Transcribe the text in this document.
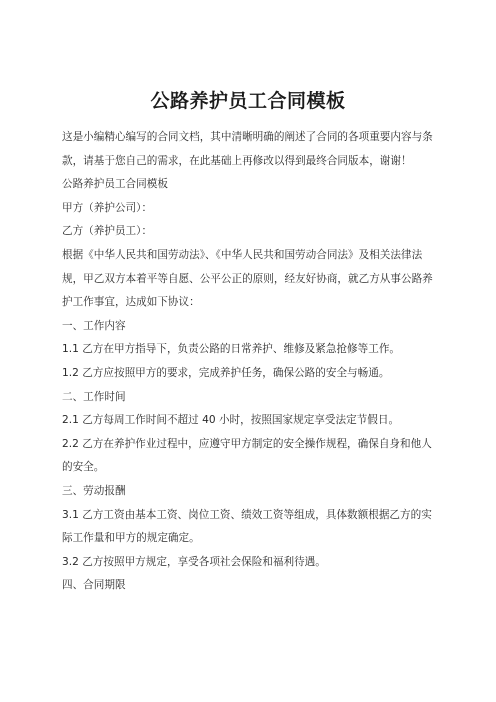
公路养护员工合同模板

这是小编精心编写的合同文档，其中清晰明确的阐述了合同的各项重要内容与条款，请基于您自己的需求，在此基础上再修改以得到最终合同版本，谢谢！

公路养护员工合同模板

甲方（养护公司）：

乙方（养护员工）：

根据《中华人民共和国劳动法》、《中华人民共和国劳动合同法》及相关法律法规，甲乙双方本着平等自愿、公平公正的原则，经友好协商，就乙方从事公路养护工作事宜，达成如下协议：

一、工作内容

1.1 乙方在甲方指导下，负责公路的日常养护、维修及紧急抢修等工作。

1.2 乙方应按照甲方的要求，完成养护任务，确保公路的安全与畅通。

二、工作时间

2.1 乙方每周工作时间不超过 40 小时，按照国家规定享受法定节假日。

2.2 乙方在养护作业过程中，应遵守甲方制定的安全操作规程，确保自身和他人的安全。

三、劳动报酬

3.1 乙方工资由基本工资、岗位工资、绩效工资等组成，具体数额根据乙方的实际工作量和甲方的规定确定。

3.2 乙方按照甲方规定，享受各项社会保险和福利待遇。

四、合同期限
